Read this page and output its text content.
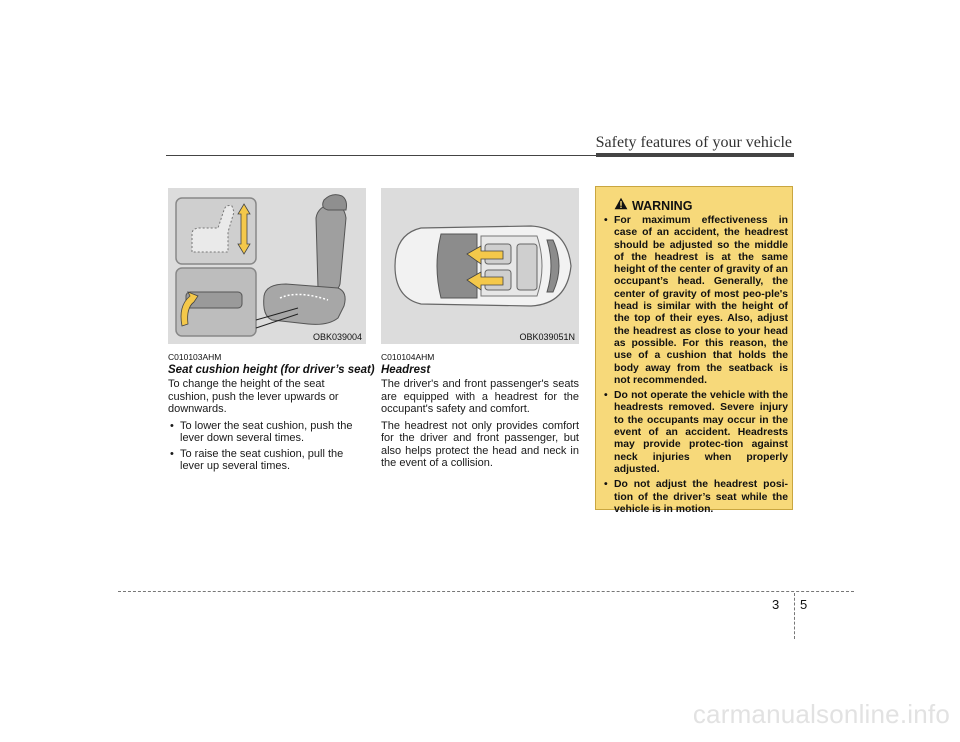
Safety features of your vehicle
OBK039004	OBK039051N
C010103AHM
Seat cushion height (for driver’s seat)

To change the height of the seat cushion, push the lever upwards or downwards.

• To lower the seat cushion, push the lever down several times.
• To raise the seat cushion, pull the lever up several times.
C010104AHM
Headrest

The driver's and front passenger's seats are equipped with a headrest for the occupant's safety and comfort.

The headrest not only provides comfort for the driver and front passenger, but also helps protect the head and neck in the event of a collision.

WARNING
• For maximum effectiveness in case of an accident, the headrest should be adjusted so the middle of the headrest is at the same height of the center of gravity of an occupant’s head. Generally, the center of gravity of most peo-ple's head is similar with the height of the top of their eyes. Also, adjust the headrest as close to your head as possible. For this reason, the use of a cushion that holds the body away from the seatback is not recommended.
• Do not operate the vehicle with the headrests removed. Severe injury to the occupants may occur in the event of an accident. Headrests may provide protec-tion against neck injuries when properly adjusted.
• Do not adjust the headrest posi-tion of the driver’s seat while the vehicle is in motion.
3 5
carmanualsonline.info
